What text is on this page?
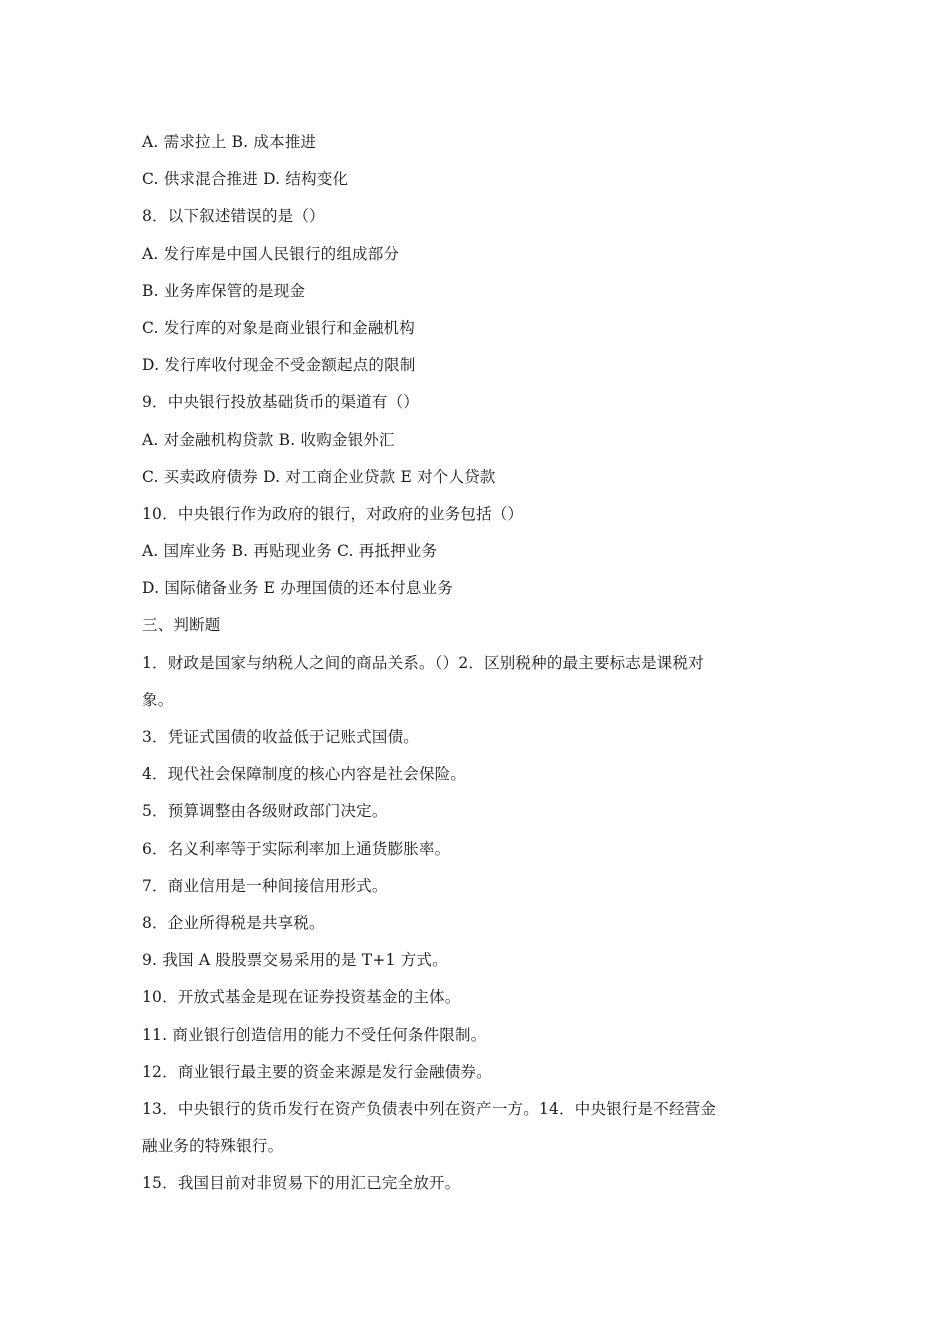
A. 需求拉上 B. 成本推进
C. 供求混合推进 D. 结构变化
8．以下叙述错误的是（）
A. 发行库是中国人民银行的组成部分
B. 业务库保管的是现金
C. 发行库的对象是商业银行和金融机构
D. 发行库收付现金不受金额起点的限制
9．中央银行投放基础货币的渠道有（）
A. 对金融机构贷款 B. 收购金银外汇
C. 买卖政府债券 D. 对工商企业贷款 E 对个人贷款
10．中央银行作为政府的银行，对政府的业务包括（）
A. 国库业务 B. 再贴现业务 C. 再抵押业务
D. 国际储备业务 E 办理国债的还本付息业务
三、判断题
1．财政是国家与纳税人之间的商品关系。（）2．区别税种的最主要标志是课税对
象。
3．凭证式国债的收益低于记账式国债。
4．现代社会保障制度的核心内容是社会保险。
5．预算调整由各级财政部门决定。
6．名义利率等于实际利率加上通货膨胀率。
7．商业信用是一种间接信用形式。
8．企业所得税是共享税。
9. 我国 A 股股票交易采用的是 T+1 方式。
10．开放式基金是现在证券投资基金的主体。
11. 商业银行创造信用的能力不受任何条件限制。
12．商业银行最主要的资金来源是发行金融债券。
13．中央银行的货币发行在资产负债表中列在资产一方。14．中央银行是不经营金
融业务的特殊银行。
15．我国目前对非贸易下的用汇已完全放开。
